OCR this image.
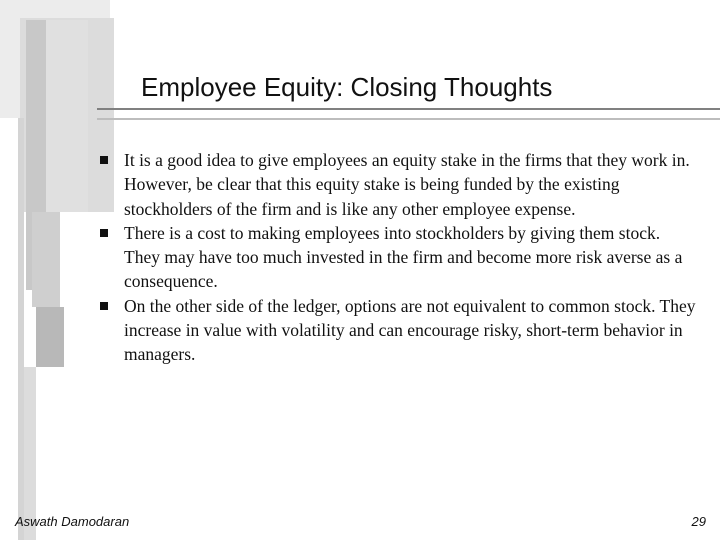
Employee Equity: Closing Thoughts
It is a good idea to give employees an equity stake in the firms that they work in. However, be clear that this equity stake is being funded by the existing stockholders of the firm and is like any other employee expense.
There is a cost to making employees into stockholders by giving them stock. They may have too much invested in the firm and become more risk averse as a consequence.
On the other side of the ledger, options are not equivalent to common stock. They increase in value with volatility and can encourage risky, short-term behavior in managers.
Aswath Damodaran	29
